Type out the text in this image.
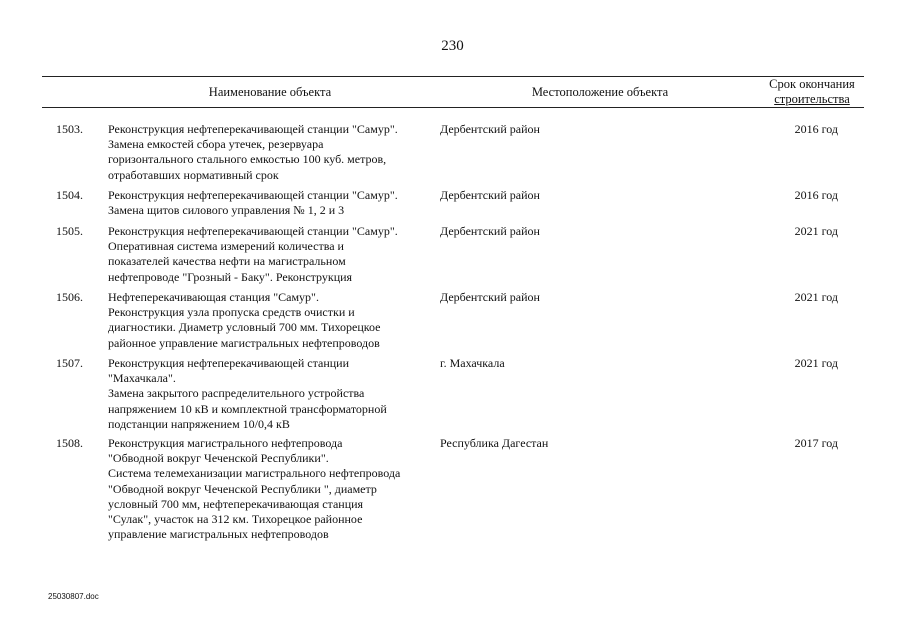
230
Наименование объекта	Местоположение объекта
Срок окончания
строительства
1503.	Реконструкция нефтеперекачивающей станции "Самур".
Замена емкостей сбора утечек, резервуара
горизонтального стального емкостью 100 куб. метров,
отработавших нормативный срок
Дербентский район	2016 год
1504.	Реконструкция нефтеперекачивающей станции "Самур".
Замена щитов силового управления № 1, 2 и 3
Дербентский район	2016 год
1505.	Реконструкция нефтеперекачивающей станции "Самур".
Оперативная система измерений количества и
показателей качества нефти на магистральном
нефтепроводе "Грозный - Баку". Реконструкция
Дербентский район	2021 год
1506.	Нефтеперекачивающая станция "Самур".
Реконструкция узла пропуска средств очистки и
диагностики. Диаметр условный 700 мм. Тихорецкое
районное управление магистральных нефтепроводов
Дербентский район	2021 год
1507.	Реконструкция нефтеперекачивающей станции
"Махачкала".
Замена закрытого распределительного устройства
напряжением 10 кВ и комплектной трансформаторной
подстанции напряжением 10/0,4 кВ
г. Махачкала	2021 год
1508.	Реконструкция магистрального нефтепровода
"Обводной вокруг Чеченской Республики".
Система телемеханизации магистрального нефтепровода
"Обводной вокруг Чеченской Республики ", диаметр
условный 700 мм, нефтеперекачивающая станция
"Сулак", участок на 312 км. Тихорецкое районное
управление магистральных нефтепроводов
Республика Дагестан	2017 год
25030807.doc
